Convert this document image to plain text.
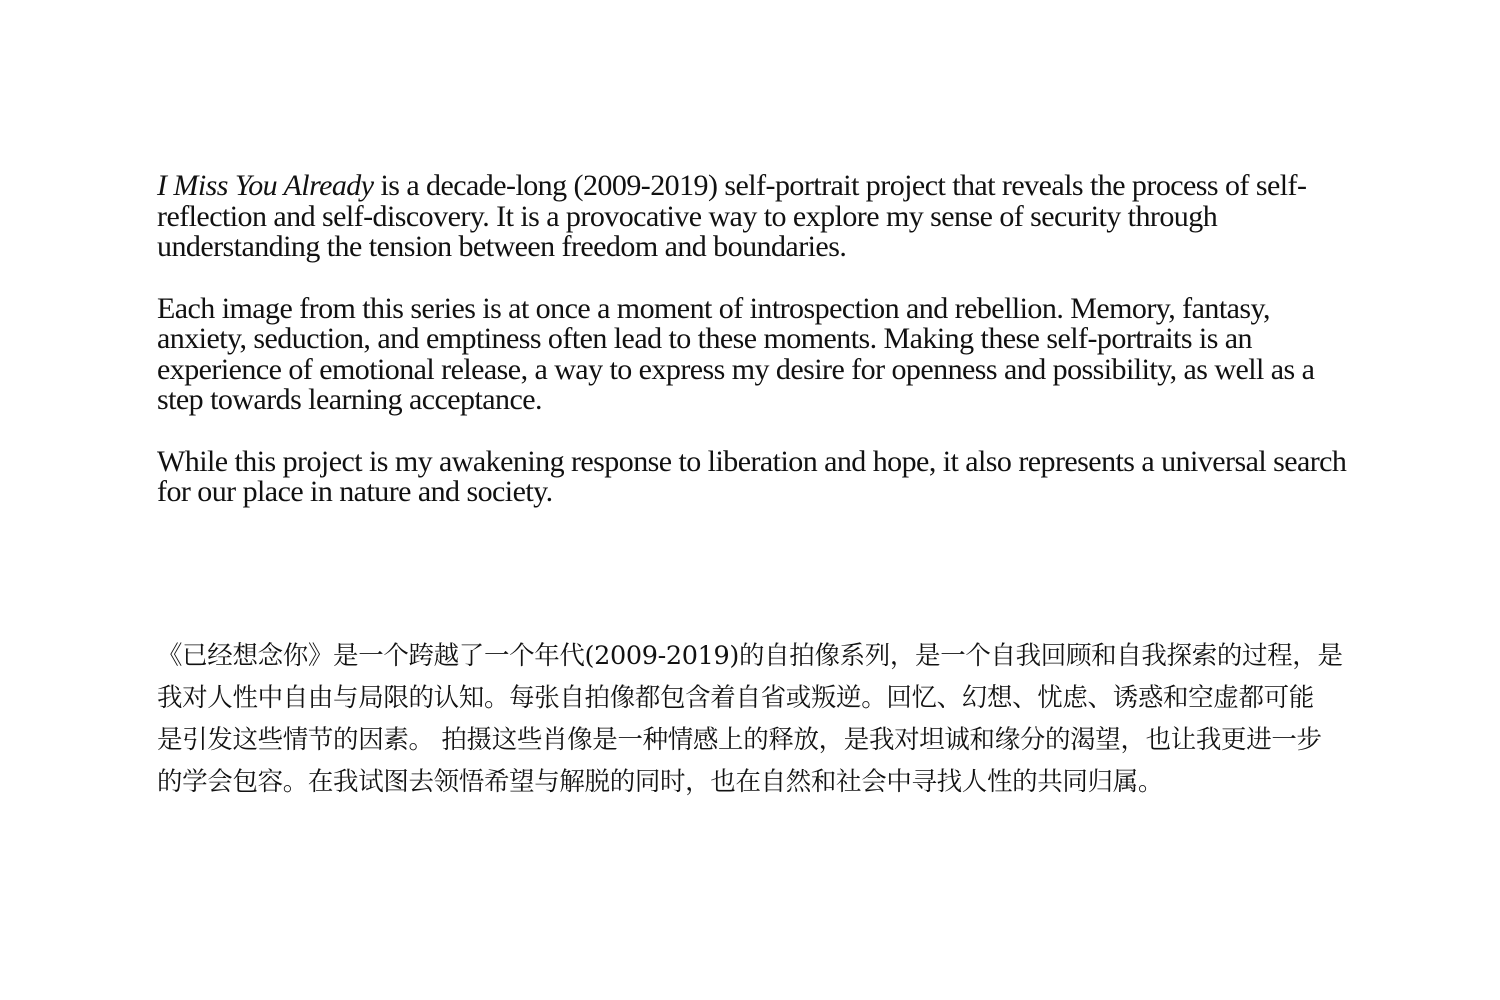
I Miss You Already is a decade-long (2009-2019) self-portrait project that reveals the process of self-reflection and self-discovery. It is a provocative way to explore my sense of security through understanding the tension between freedom and boundaries.

Each image from this series is at once a moment of introspection and rebellion. Memory, fantasy, anxiety, seduction, and emptiness often lead to these moments. Making these self-portraits is an experience of emotional release, a way to express my desire for openness and possibility, as well as a step towards learning acceptance.

While this project is my awakening response to liberation and hope, it also represents a universal search for our place in nature and society.

《已经想念你》是一个跨越了一个年代(2009-2019)的自拍像系列，是一个自我回顾和自我探索的过程，是

我对人性中自由与局限的认知。每张自拍像都包含着自省或叛逆。回忆、幻想、忧虑、诱惑和空虚都可能

是引发这些情节的因素。 拍摄这些肖像是一种情感上的释放，是我对坦诚和缘分的渴望，也让我更进一步

的学会包容。在我试图去领悟希望与解脱的同时，也在自然和社会中寻找人性的共同归属。
